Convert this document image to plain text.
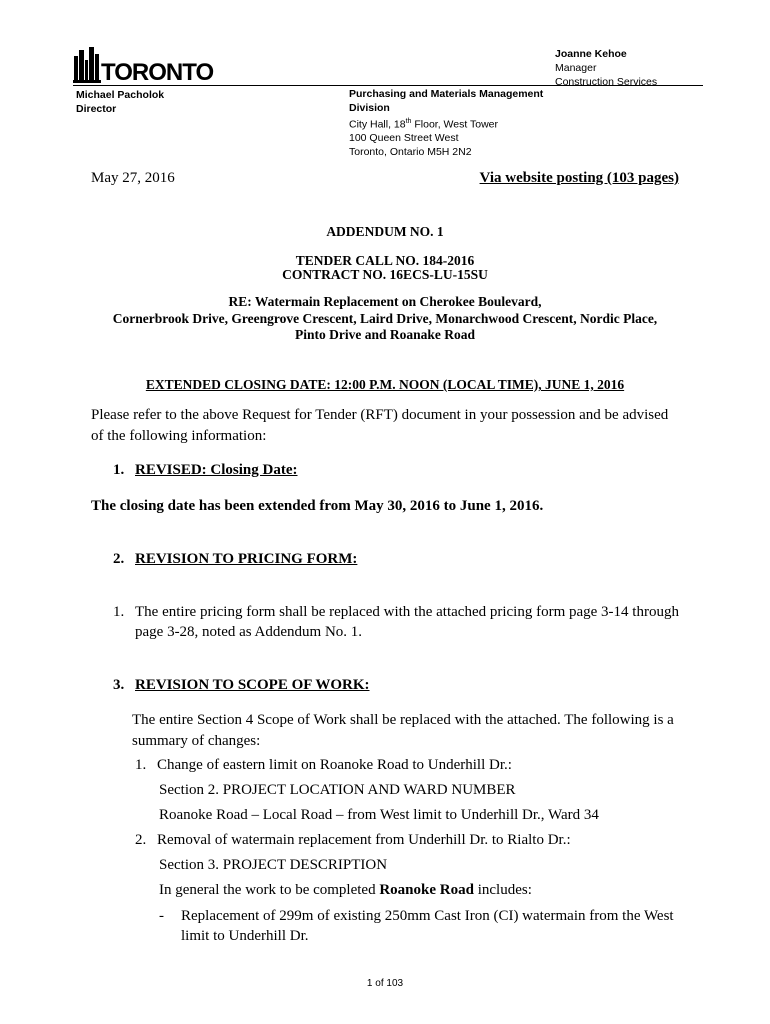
TORONTO
Joanne Kehoe
Manager
Construction Services
Michael Pacholok
Director
Purchasing and Materials Management
Division
City Hall, 18th Floor, West Tower
100 Queen Street West
Toronto, Ontario M5H 2N2
May 27, 2016	Via website posting (103 pages)
ADDENDUM NO. 1
TENDER CALL NO. 184-2016
CONTRACT NO. 16ECS-LU-15SU
RE: Watermain Replacement on Cherokee Boulevard,
Cornerbrook Drive, Greengrove Crescent, Laird Drive, Monarchwood Crescent, Nordic Place,
Pinto Drive and Roanake Road
EXTENDED CLOSING DATE: 12:00 P.M. NOON (LOCAL TIME), JUNE 1, 2016
Please refer to the above Request for Tender (RFT) document in your possession and be advised
of the following information:
1. REVISED: Closing Date:
The closing date has been extended from May 30, 2016 to June 1, 2016.
2. REVISION TO PRICING FORM:
1. The entire pricing form shall be replaced with the attached pricing form page 3-14 through
page 3-28, noted as Addendum No. 1.
3. REVISION TO SCOPE OF WORK:
The entire Section 4 Scope of Work shall be replaced with the attached. The following is a
summary of changes:
1. Change of eastern limit on Roanoke Road to Underhill Dr.:
Section 2. PROJECT LOCATION AND WARD NUMBER
Roanoke Road – Local Road – from West limit to Underhill Dr., Ward 34
2. Removal of watermain replacement from Underhill Dr. to Rialto Dr.:
Section 3. PROJECT DESCRIPTION
In general the work to be completed Roanoke Road includes:
- Replacement of 299m of existing 250mm Cast Iron (CI) watermain from the West
limit to Underhill Dr.
1 of 103
